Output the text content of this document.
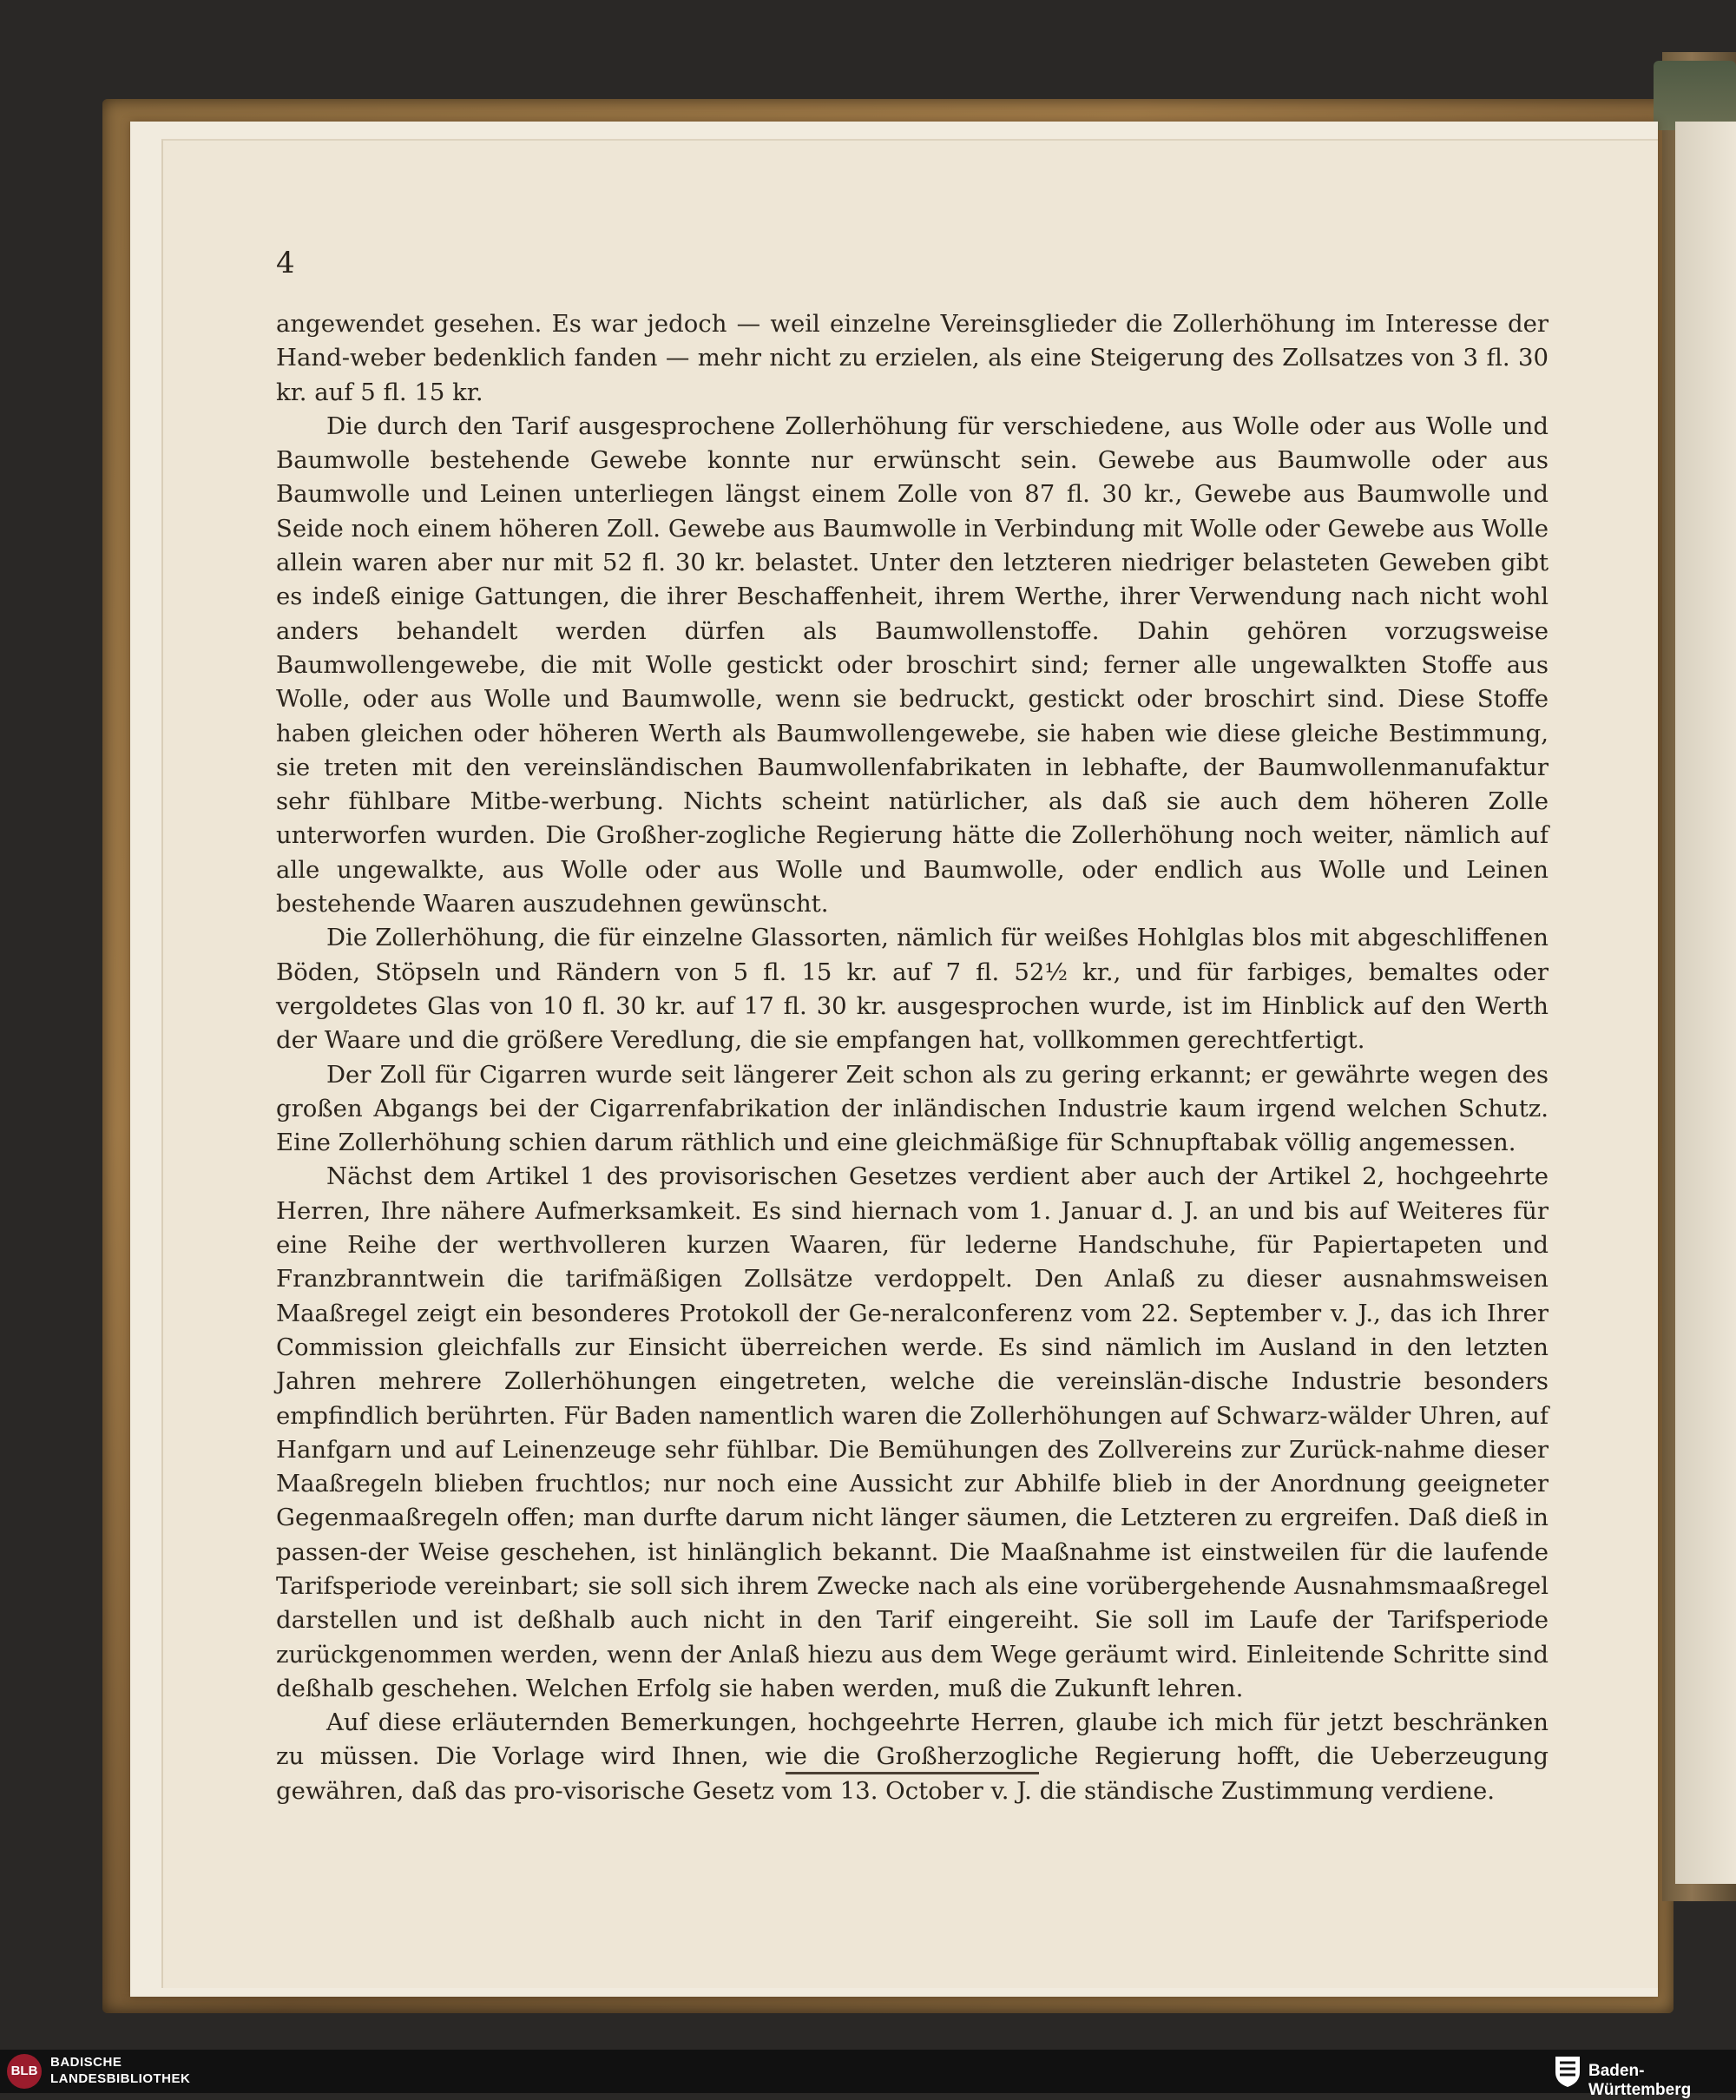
4

angewendet gesehen. Es war jedoch — weil einzelne Vereinsglieder die Zollerhöhung im Interesse der Hand-weber bedenklich fanden — mehr nicht zu erzielen, als eine Steigerung des Zollsatzes von 3 fl. 30 kr. auf 5 fl. 15 kr.

Die durch den Tarif ausgesprochene Zollerhöhung für verschiedene, aus Wolle oder aus Wolle und Baumwolle bestehende Gewebe konnte nur erwünscht sein. Gewebe aus Baumwolle oder aus Baumwolle und Leinen unterliegen längst einem Zolle von 87 fl. 30 kr., Gewebe aus Baumwolle und Seide noch einem höheren Zoll. Gewebe aus Baumwolle in Verbindung mit Wolle oder Gewebe aus Wolle allein waren aber nur mit 52 fl. 30 kr. belastet. Unter den letzteren niedriger belasteten Geweben gibt es indeß einige Gattungen, die ihrer Beschaffenheit, ihrem Werthe, ihrer Verwendung nach nicht wohl anders behandelt werden dürfen als Baumwollenstoffe. Dahin gehören vorzugsweise Baumwollengewebe, die mit Wolle gestickt oder broschirt sind; ferner alle ungewalkten Stoffe aus Wolle, oder aus Wolle und Baumwolle, wenn sie bedruckt, gestickt oder broschirt sind. Diese Stoffe haben gleichen oder höheren Werth als Baumwollengewebe, sie haben wie diese gleiche Bestimmung, sie treten mit den vereinsländischen Baumwollenfabrikaten in lebhafte, der Baumwollenmanufaktur sehr fühlbare Mitbe-werbung. Nichts scheint natürlicher, als daß sie auch dem höheren Zolle unterworfen wurden. Die Großher-zogliche Regierung hätte die Zollerhöhung noch weiter, nämlich auf alle ungewalkte, aus Wolle oder aus Wolle und Baumwolle, oder endlich aus Wolle und Leinen bestehende Waaren auszudehnen gewünscht.

Die Zollerhöhung, die für einzelne Glassorten, nämlich für weißes Hohlglas blos mit abgeschliffenen Böden, Stöpseln und Rändern von 5 fl. 15 kr. auf 7 fl. 52½ kr., und für farbiges, bemaltes oder vergoldetes Glas von 10 fl. 30 kr. auf 17 fl. 30 kr. ausgesprochen wurde, ist im Hinblick auf den Werth der Waare und die größere Veredlung, die sie empfangen hat, vollkommen gerechtfertigt.

Der Zoll für Cigarren wurde seit längerer Zeit schon als zu gering erkannt; er gewährte wegen des großen Abgangs bei der Cigarrenfabrikation der inländischen Industrie kaum irgend welchen Schutz. Eine Zollerhöhung schien darum räthlich und eine gleichmäßige für Schnupftabak völlig angemessen.

Nächst dem Artikel 1 des provisorischen Gesetzes verdient aber auch der Artikel 2, hochgeehrte Herren, Ihre nähere Aufmerksamkeit. Es sind hiernach vom 1. Januar d. J. an und bis auf Weiteres für eine Reihe der werthvolleren kurzen Waaren, für lederne Handschuhe, für Papiertapeten und Franzbranntwein die tarifmäßigen Zollsätze verdoppelt. Den Anlaß zu dieser ausnahmsweisen Maaßregel zeigt ein besonderes Protokoll der Ge-neralconferenz vom 22. September v. J., das ich Ihrer Commission gleichfalls zur Einsicht überreichen werde. Es sind nämlich im Ausland in den letzten Jahren mehrere Zollerhöhungen eingetreten, welche die vereinslän-dische Industrie besonders empfindlich berührten. Für Baden namentlich waren die Zollerhöhungen auf Schwarz-wälder Uhren, auf Hanfgarn und auf Leinenzeuge sehr fühlbar. Die Bemühungen des Zollvereins zur Zurück-nahme dieser Maaßregeln blieben fruchtlos; nur noch eine Aussicht zur Abhilfe blieb in der Anordnung geeigneter Gegenmaaßregeln offen; man durfte darum nicht länger säumen, die Letzteren zu ergreifen. Daß dieß in passen-der Weise geschehen, ist hinlänglich bekannt. Die Maaßnahme ist einstweilen für die laufende Tarifsperiode vereinbart; sie soll sich ihrem Zwecke nach als eine vorübergehende Ausnahmsmaaßregel darstellen und ist deßhalb auch nicht in den Tarif eingereiht. Sie soll im Laufe der Tarifsperiode zurückgenommen werden, wenn der Anlaß hiezu aus dem Wege geräumt wird. Einleitende Schritte sind deßhalb geschehen. Welchen Erfolg sie haben werden, muß die Zukunft lehren.

Auf diese erläuternden Bemerkungen, hochgeehrte Herren, glaube ich mich für jetzt beschränken zu müssen. Die Vorlage wird Ihnen, wie die Großherzogliche Regierung hofft, die Ueberzeugung gewähren, daß das pro-visorische Gesetz vom 13. October v. J. die ständische Zustimmung verdiene.

BLB
BADISCHE
LANDESBIBLIOTHEK	Baden-Württemberg
